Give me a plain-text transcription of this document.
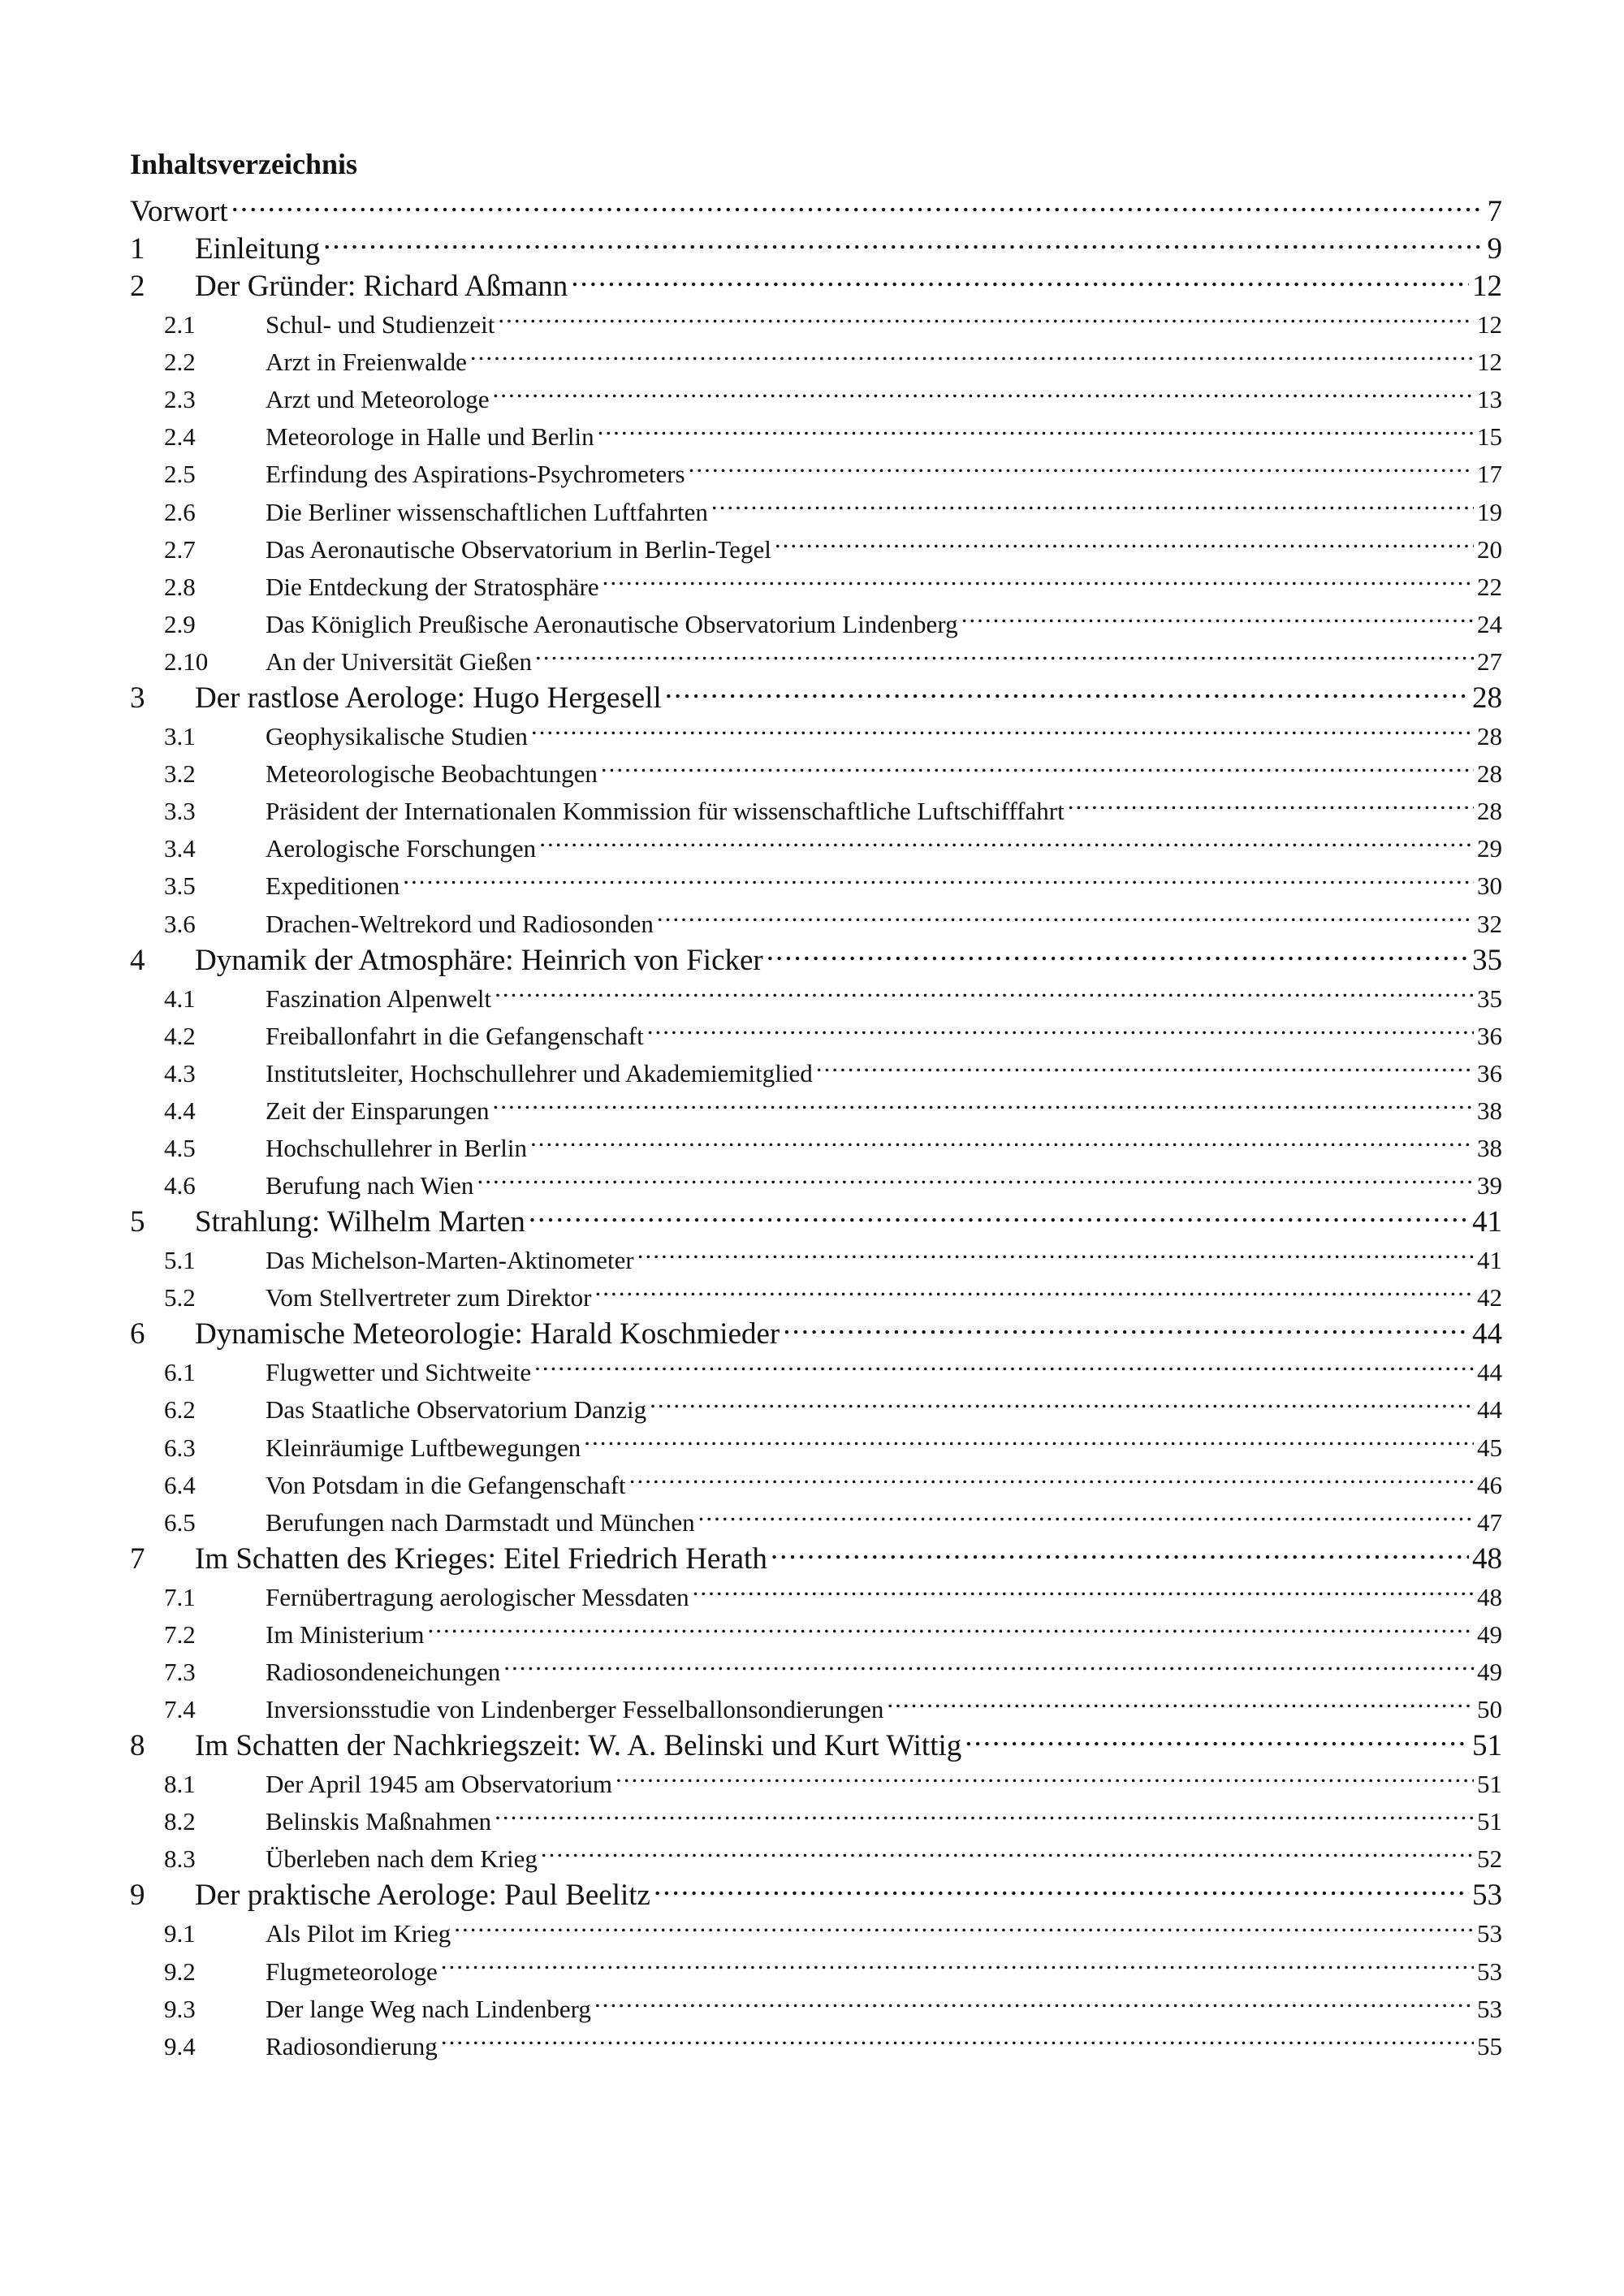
Inhaltsverzeichnis
Vorwort .....	7
1	Einleitung .....	9
2	Der Gründer: Richard Aßmann .....	12
2.1	Schul- und Studienzeit .....	12
2.2	Arzt in Freienwalde .....	12
2.3	Arzt und Meteorologe .....	13
2.4	Meteorologe in Halle und Berlin .....	15
2.5	Erfindung des Aspirations-Psychrometers .....	17
2.6	Die Berliner wissenschaftlichen Luftfahrten .....	19
2.7	Das Aeronautische Observatorium in Berlin-Tegel .....	20
2.8	Die Entdeckung der Stratosphäre .....	22
2.9	Das Königlich Preußische Aeronautische Observatorium Lindenberg .....	24
2.10	An der Universität Gießen .....	27
3	Der rastlose Aerologe: Hugo Hergesell .....	28
3.1	Geophysikalische Studien .....	28
3.2	Meteorologische Beobachtungen .....	28
3.3	Präsident der Internationalen Kommission für wissenschaftliche Luftschifffahrt .....	28
3.4	Aerologische Forschungen .....	29
3.5	Expeditionen .....	30
3.6	Drachen-Weltrekord und Radiosonden .....	32
4	Dynamik der Atmosphäre: Heinrich von Ficker .....	35
4.1	Faszination Alpenwelt .....	35
4.2	Freiballonfahrt in die Gefangenschaft .....	36
4.3	Institutsleiter, Hochschullehrer und Akademiemitglied .....	36
4.4	Zeit der Einsparungen .....	38
4.5	Hochschullehrer in Berlin .....	38
4.6	Berufung nach Wien .....	39
5	Strahlung: Wilhelm Marten .....	41
5.1	Das Michelson-Marten-Aktinometer .....	41
5.2	Vom Stellvertreter zum Direktor .....	42
6	Dynamische Meteorologie: Harald Koschmieder .....	44
6.1	Flugwetter und Sichtweite .....	44
6.2	Das Staatliche Observatorium Danzig .....	44
6.3	Kleinräumige Luftbewegungen .....	45
6.4	Von Potsdam in die Gefangenschaft .....	46
6.5	Berufungen nach Darmstadt und München .....	47
7	Im Schatten des Krieges: Eitel Friedrich Herath .....	48
7.1	Fernübertragung aerologischer Messdaten .....	48
7.2	Im Ministerium .....	49
7.3	Radiosondeneichungen .....	49
7.4	Inversionsstudie von Lindenberger Fesselballonsondierungen .....	50
8	Im Schatten der Nachkriegszeit: W. A. Belinski und Kurt Wittig .....	51
8.1	Der April 1945 am Observatorium .....	51
8.2	Belinskis Maßnahmen .....	51
8.3	Überleben nach dem Krieg .....	52
9	Der praktische Aerologe: Paul Beelitz .....	53
9.1	Als Pilot im Krieg .....	53
9.2	Flugmeteorologe .....	53
9.3	Der lange Weg nach Lindenberg .....	53
9.4	Radiosondierung .....	55
